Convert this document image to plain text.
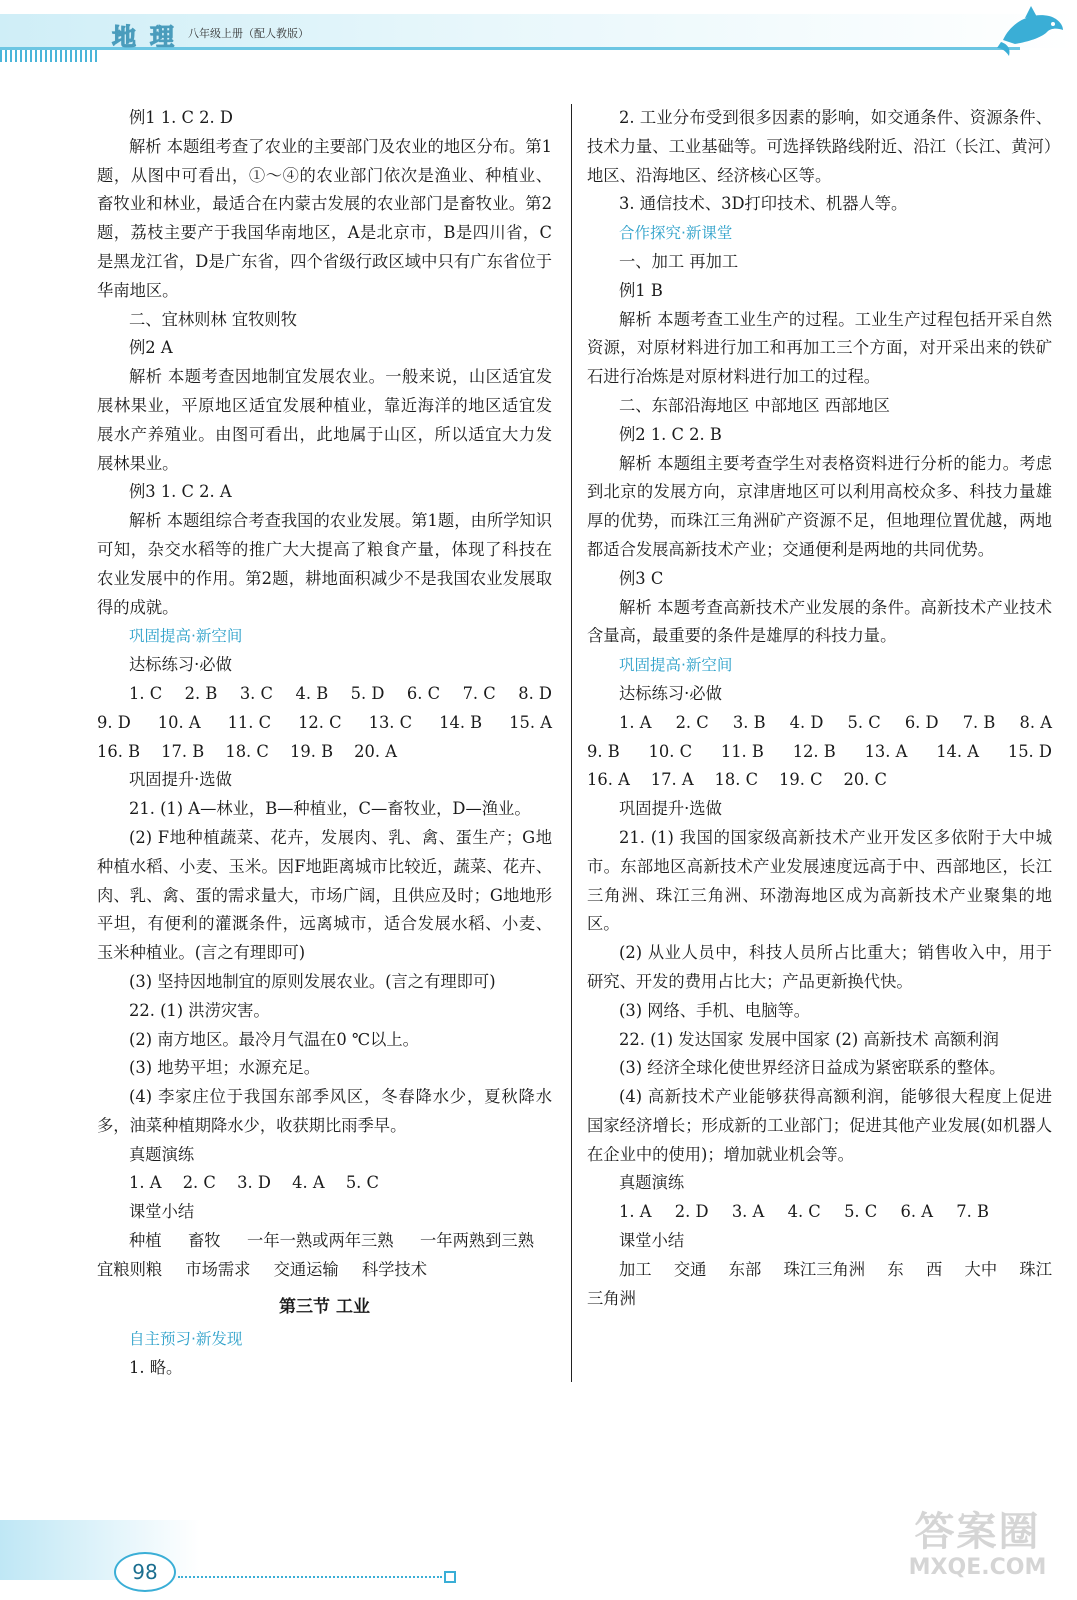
地理 八年级上册（配人教版）
例1 1. C 2. D
解析 本题组考查了农业的主要部门及农业的地区分布。第1题，从图中可看出，①～④的农业部门依次是渔业、种植业、畜牧业和林业，最适合在内蒙古发展的农业部门是畜牧业。第2题，荔枝主要产于我国华南地区，A是北京市，B是四川省，C是黑龙江省，D是广东省，四个省级行政区域中只有广东省位于华南地区。
二、宜林则林 宜牧则牧
例2 A
解析 本题考查因地制宜发展农业。一般来说，山区适宜发展林果业，平原地区适宜发展种植业，靠近海洋的地区适宜发展水产养殖业。由图可看出，此地属于山区，所以适宜大力发展林果业。
例3 1. C 2. A
解析 本题组综合考查我国的农业发展。第1题，由所学知识可知，杂交水稻等的推广大大提高了粮食产量，体现了科技在农业发展中的作用。第2题，耕地面积减少不是我国农业发展取得的成就。
巩固提高·新空间
达标练习·必做
1. C 2. B 3. C 4. B 5. D 6. C 7. C 8. D
9. D 10. A 11. C 12. C 13. C 14. B 15. A
16. B 17. B 18. C 19. B 20. A
巩固提升·选做
21. (1) A—林业，B—种植业，C—畜牧业，D—渔业。
(2) F地种植蔬菜、花卉，发展肉、乳、禽、蛋生产；G地种植水稻、小麦、玉米。因F地距离城市比较近，蔬菜、花卉、肉、乳、禽、蛋的需求量大，市场广阔，且供应及时；G地地形平坦，有便利的灌溉条件，远离城市，适合发展水稻、小麦、玉米种植业。(言之有理即可)
(3) 坚持因地制宜的原则发展农业。(言之有理即可)
22. (1) 洪涝灾害。
(2) 南方地区。最冷月气温在0 ℃以上。
(3) 地势平坦；水源充足。
(4) 李家庄位于我国东部季风区，冬春降水少，夏秋降水多，油菜种植期降水少，收获期比雨季早。
真题演练
1. A 2. C 3. D 4. A 5. C
课堂小结
种植 畜牧 一年一熟或两年三熟 一年两熟到三熟
宜粮则粮 市场需求 交通运输 科学技术
第三节 工业
自主预习·新发现
1. 略。
2. 工业分布受到很多因素的影响，如交通条件、资源条件、技术力量、工业基础等。可选择铁路线附近、沿江（长江、黄河）地区、沿海地区、经济核心区等。
3. 通信技术、3D打印技术、机器人等。
合作探究·新课堂
一、加工 再加工
例1 B
解析 本题考查工业生产的过程。工业生产过程包括开采自然资源，对原材料进行加工和再加工三个方面，对开采出来的铁矿石进行冶炼是对原材料进行加工的过程。
二、东部沿海地区 中部地区 西部地区
例2 1. C 2. B
解析 本题组主要考查学生对表格资料进行分析的能力。考虑到北京的发展方向，京津唐地区可以利用高校众多、科技力量雄厚的优势，而珠江三角洲矿产资源不足，但地理位置优越，两地都适合发展高新技术产业；交通便利是两地的共同优势。
例3 C
解析 本题考查高新技术产业发展的条件。高新技术产业技术含量高，最重要的条件是雄厚的科技力量。
巩固提高·新空间
达标练习·必做
1. A 2. C 3. B 4. D 5. C 6. D 7. B 8. A
9. B 10. C 11. B 12. B 13. A 14. A 15. D
16. A 17. A 18. C 19. C 20. C
巩固提升·选做
21. (1) 我国的国家级高新技术产业开发区多依附于大中城市。东部地区高新技术产业发展速度远高于中、西部地区，长江三角洲、珠江三角洲、环渤海地区成为高新技术产业聚集的地区。
(2) 从业人员中，科技人员所占比重大；销售收入中，用于研究、开发的费用占比大；产品更新换代快。
(3) 网络、手机、电脑等。
22. (1) 发达国家 发展中国家 (2) 高新技术 高额利润
(3) 经济全球化使世界经济日益成为紧密联系的整体。
(4) 高新技术产业能够获得高额利润，能够很大程度上促进国家经济增长；形成新的工业部门；促进其他产业发展(如机器人在企业中的使用)；增加就业机会等。
真题演练
1. A 2. D 3. A 4. C 5. C 6. A 7. B
课堂小结
加工 交通 东部 珠江三角洲 东 西 大中 珠江
三角洲
98
答案圈
MXQE.COM
